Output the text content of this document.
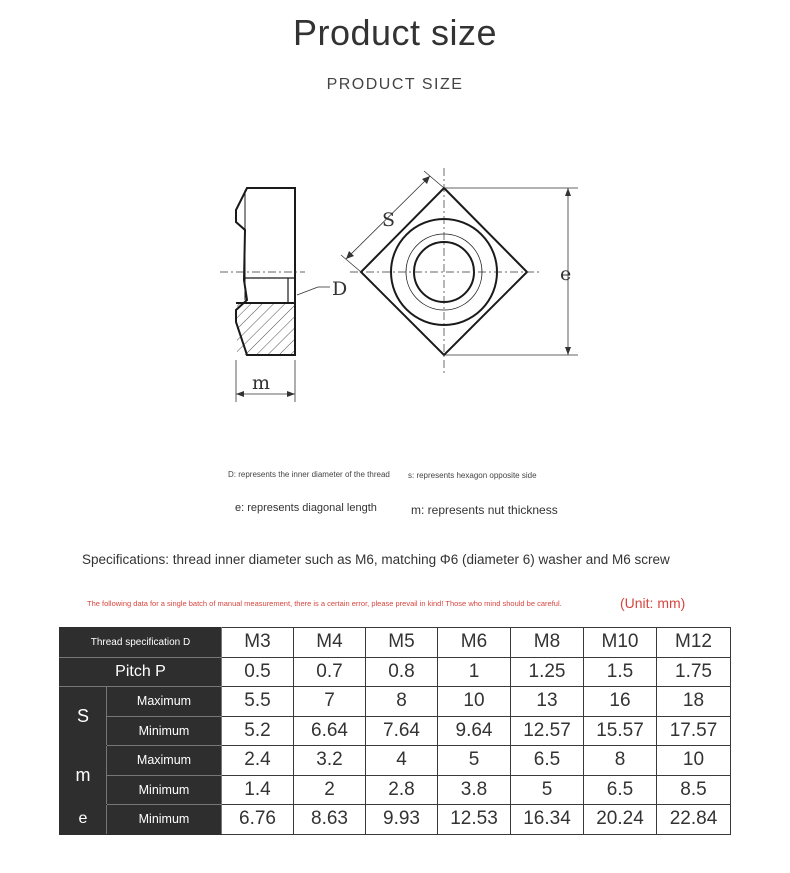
Product size
PRODUCT SIZE
D
m
e
S
D: represents the inner diameter of the thread s: represents hexagon opposite side
e: represents diagonal length	m: represents nut thickness
Specifications: thread inner diameter such as M6, matching Φ6 (diameter 6) washer and M6 screw
The following data for a single batch of manual measurement, there is a certain error, please prevail in kind! Those who mind should be careful.	(Unit: mm)
Thread specification D		M3	M4	M5	M6	M8	M10	M12
Pitch P		0.5	0.7	0.8	1	1.25	1.5	1.75
S	Maximum	5.5	7	8	10	13	16	18
	Minimum	5.2	6.64	7.64	9.64	12.57	15.57	17.57
m	Maximum	2.4	3.2	4	5	6.5	8	10
	Minimum	1.4	2	2.8	3.8	5	6.5	8.5
e	Minimum	6.76	8.63	9.93	12.53	16.34	20.24	22.84
